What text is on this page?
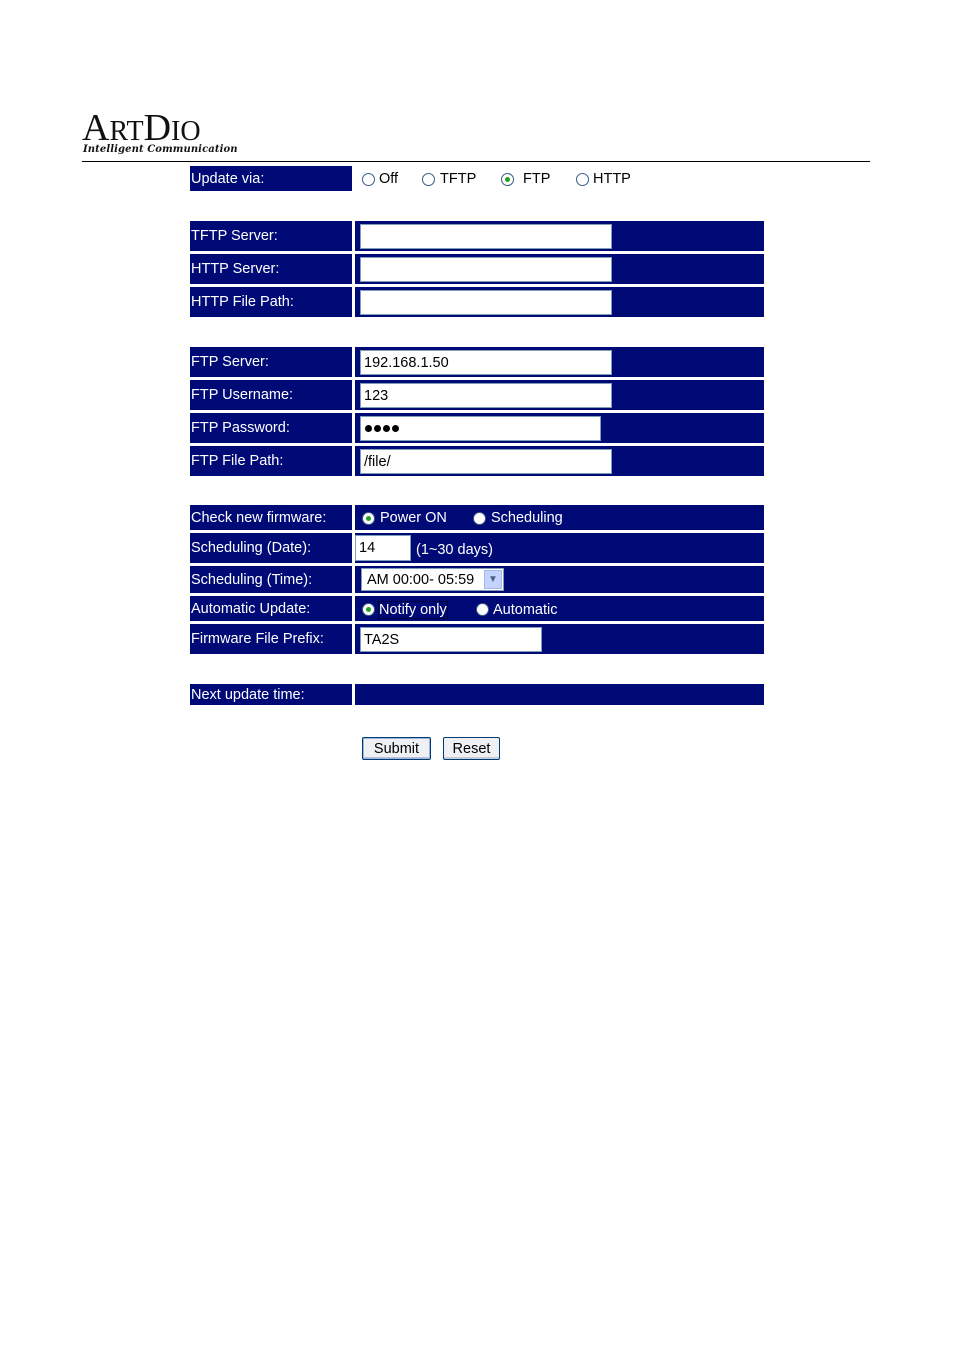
ARTDIO
Intelligent Communication
Update via:	Off	TFTP	FTP	HTTP
TFTP Server:
HTTP Server:
HTTP File Path:
FTP Server:	192.168.1.50
FTP Username:	123
FTP Password:
FTP File Path:	/file/
Check new firmware:	Power ON	Scheduling
Scheduling (Date):	14	(1~30 days)
Scheduling (Time):	AM 00:00- 05:59	▼
Automatic Update:	Notify only	Automatic
Firmware File Prefix:	TA2S
Next update time:
Submit	Reset
